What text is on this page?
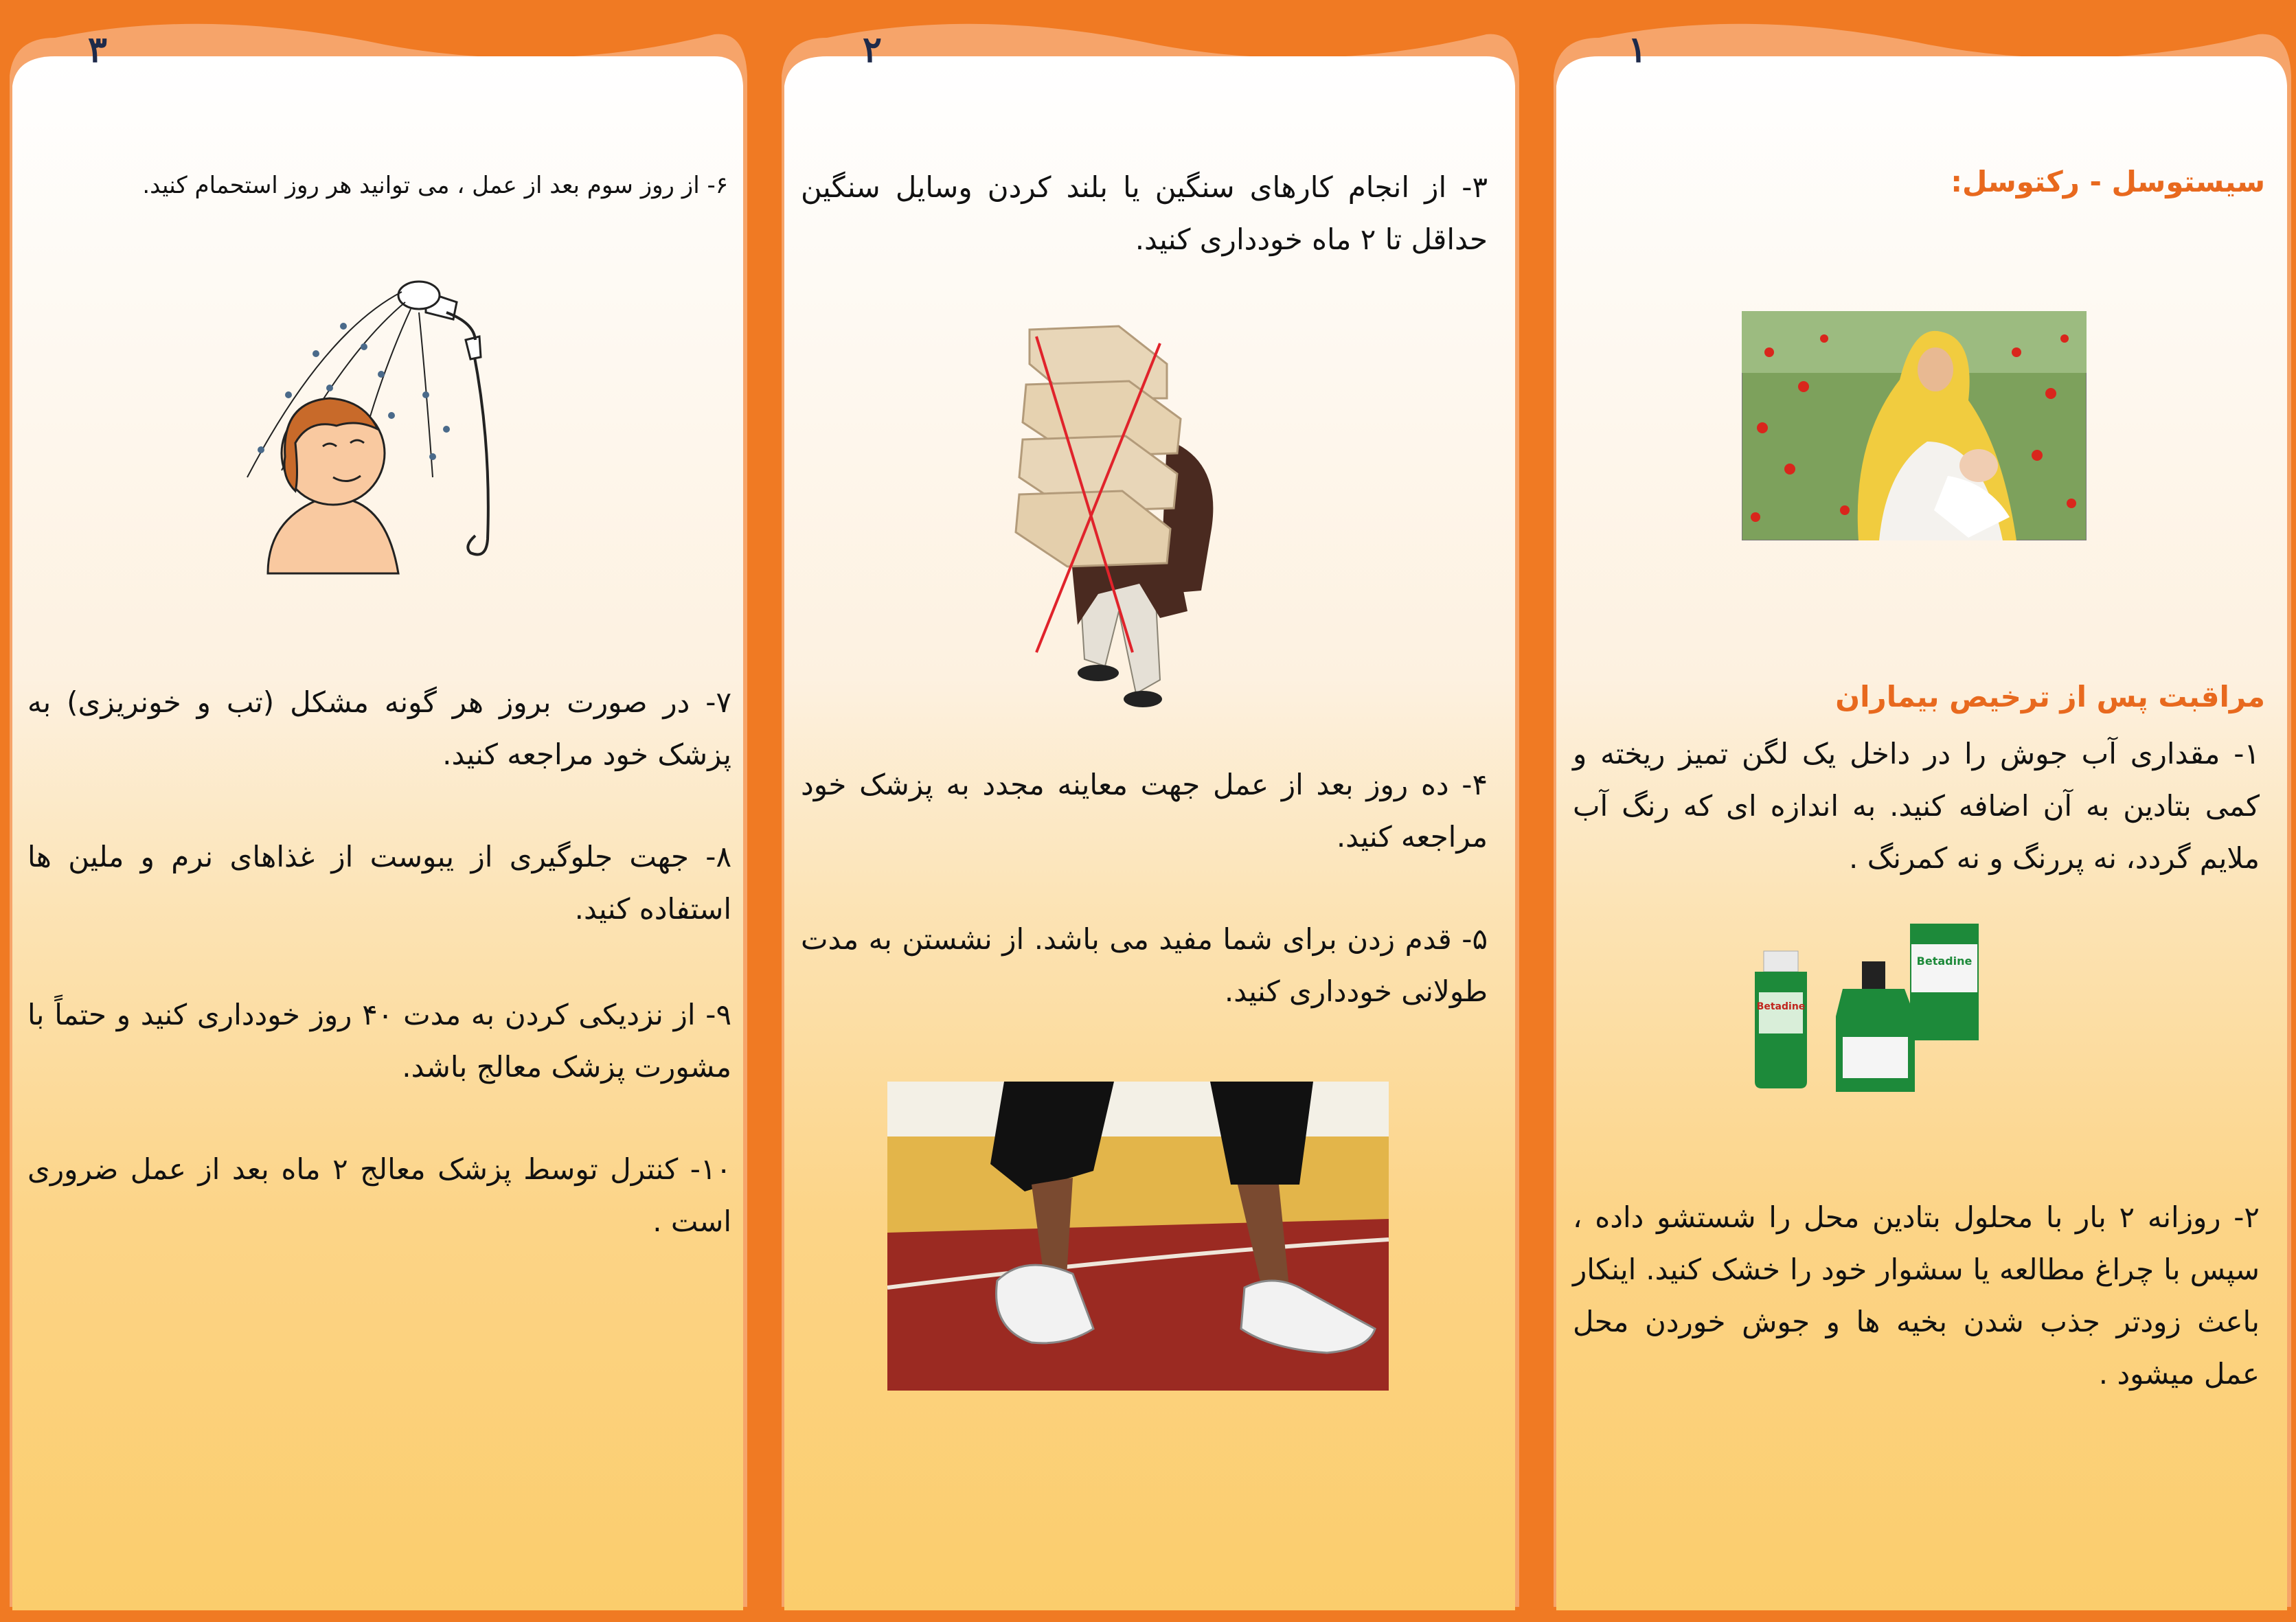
۳
۶- از روز سوم بعد از عمل ، می توانید هر روز استحمام کنید.
۷- در صورت بروز هر گونه مشکل (تب و خونریزی) به پزشک خود مراجعه کنید.
۸- جهت جلوگیری از یبوست از غذاهای نرم و ملین ها استفاده کنید.
۹- از نزدیکی کردن به مدت ۴۰ روز خودداری کنید و حتماً با مشورت پزشک معالج باشد.
۱۰- کنترل توسط پزشک معالج ۲ ماه بعد از عمل ضروری است .
۲
۳- از انجام کارهای سنگین یا بلند کردن وسایل سنگین حداقل تا ۲ ماه خودداری کنید.
۴- ده روز بعد از عمل جهت معاینه مجدد به پزشک خود مراجعه کنید.
۵- قدم زدن برای شما مفید می باشد. از نشستن به مدت طولانی خودداری کنید.
۱
سیستوسل - رکتوسل:
مراقبت پس از ترخیص بیماران
۱- مقداری آب جوش را در داخل یک لگن تمیز ریخته و کمی بتادین به آن اضافه کنید. به اندازه ای که رنگ آب ملایم گردد، نه پررنگ و نه کمرنگ .
Betadine
Betadine
۲- روزانه ۲ بار با محلول بتادین محل را شستشو داده ، سپس با چراغ مطالعه یا سشوار خود را خشک کنید. اینکار باعث زودتر جذب شدن بخیه ها و جوش خوردن محل عمل میشود .
